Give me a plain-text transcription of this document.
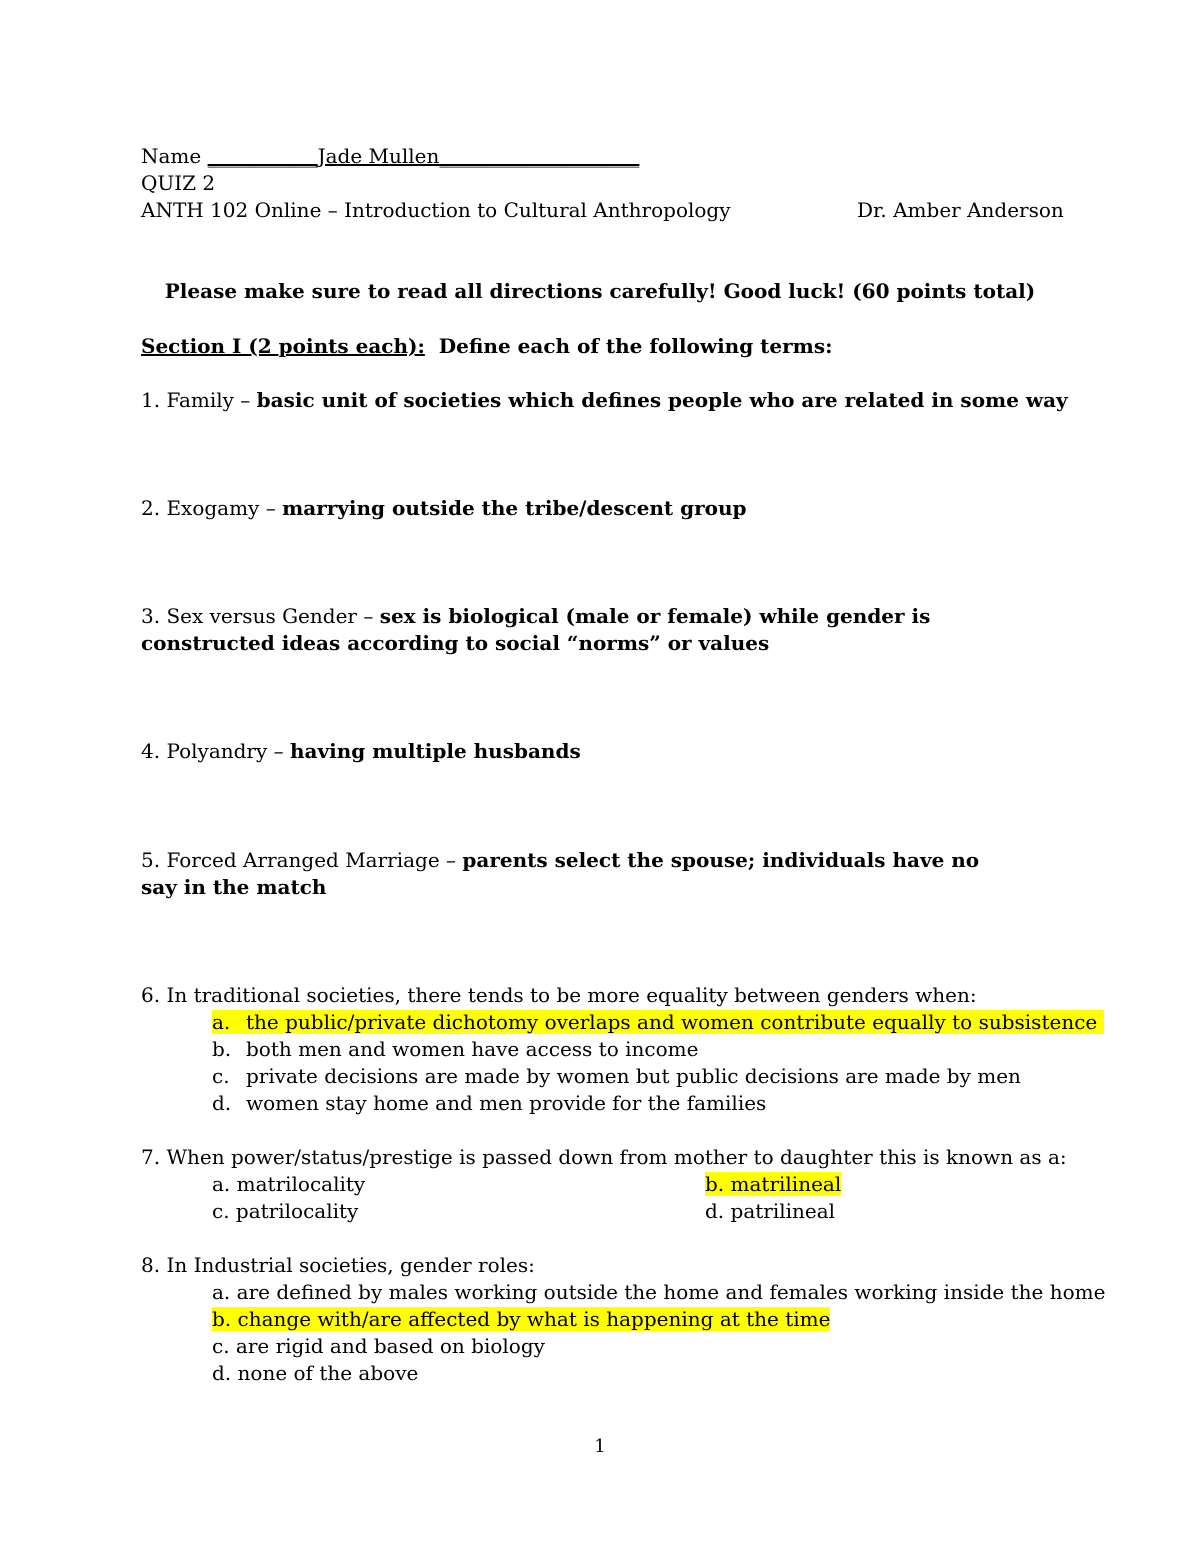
Name ___________Jade Mullen____________________
QUIZ 2
ANTH 102 Online – Introduction to Cultural Anthropology	Dr. Amber Anderson
Please make sure to read all directions carefully! Good luck! (60 points total)
Section I (2 points each): Define each of the following terms:
1. Family – basic unit of societies which defines people who are related in some way
2. Exogamy – marrying outside the tribe/descent group
3. Sex versus Gender – sex is biological (male or female) while gender is constructed ideas according to social “norms” or values
4. Polyandry – having multiple husbands
5. Forced Arranged Marriage – parents select the spouse; individuals have no say in the match
6. In traditional societies, there tends to be more equality between genders when:
a. the public/private dichotomy overlaps and women contribute equally to subsistence
b. both men and women have access to income
c. private decisions are made by women but public decisions are made by men
d. women stay home and men provide for the families
7. When power/status/prestige is passed down from mother to daughter this is known as a:
a. matrilocality	b. matrilineal
c. patrilocality	d. patrilineal
8. In Industrial societies, gender roles:
a. are defined by males working outside the home and females working inside the home
b. change with/are affected by what is happening at the time
c. are rigid and based on biology
d. none of the above
1
